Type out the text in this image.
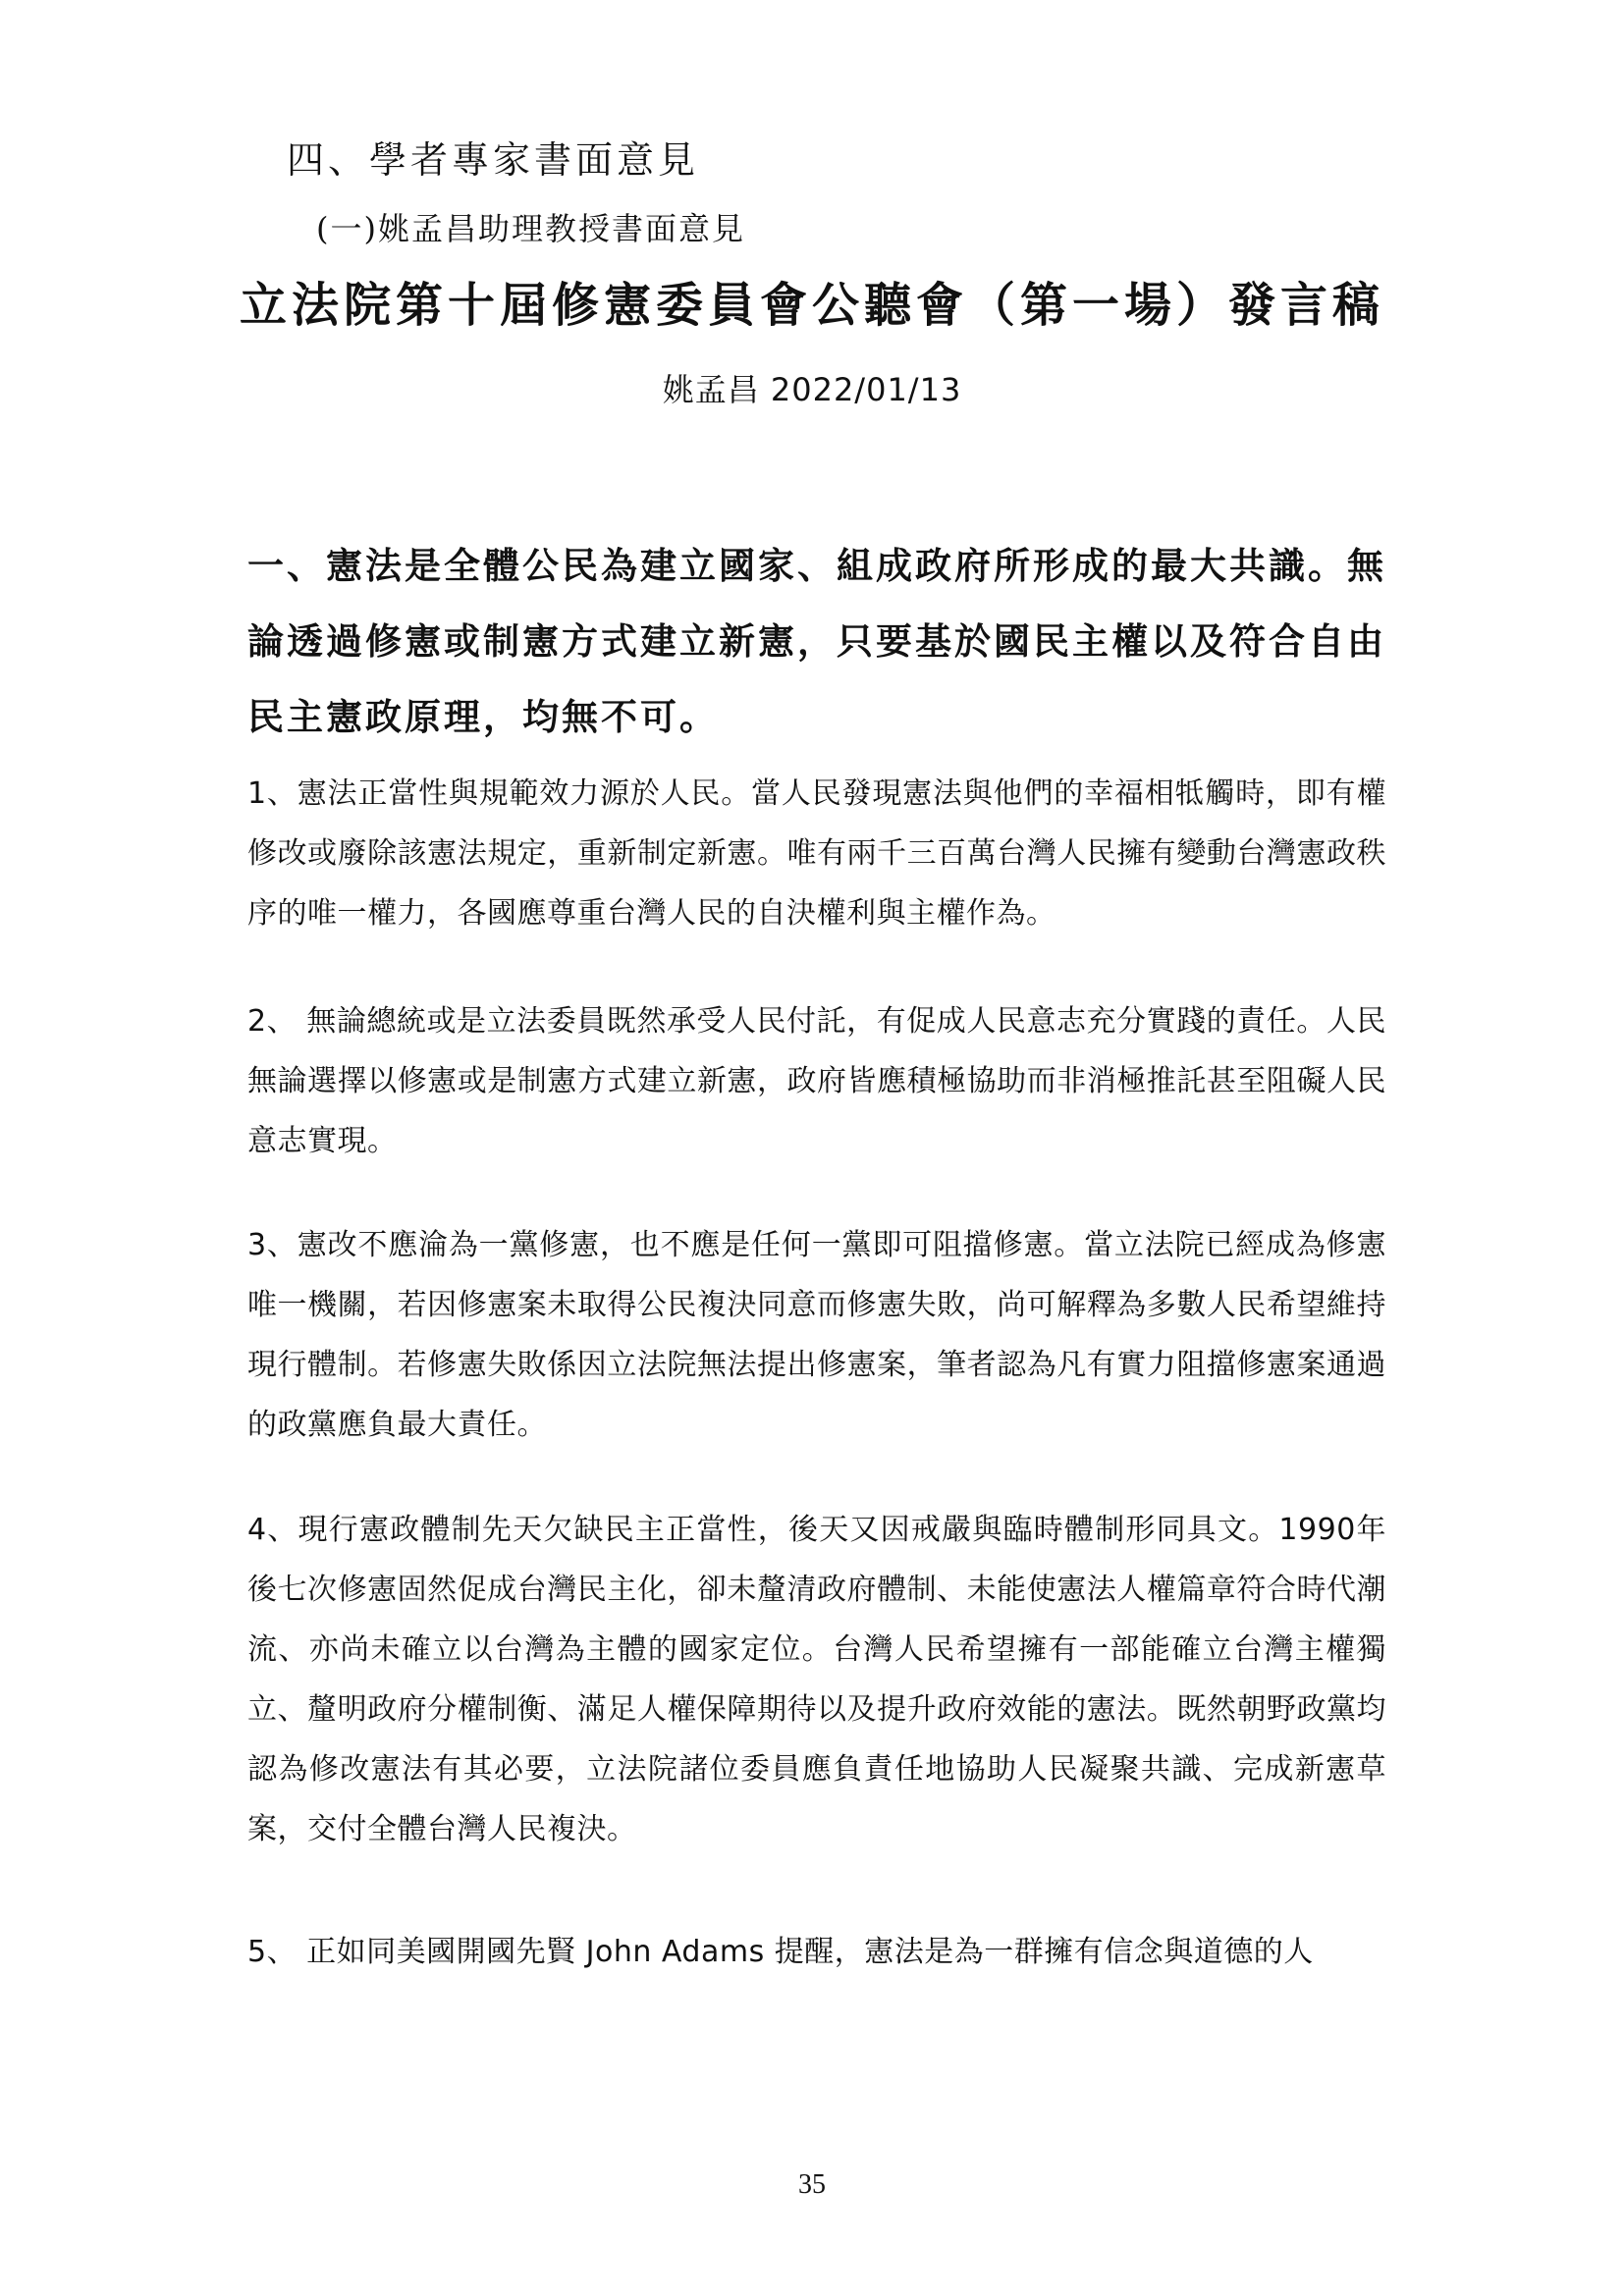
四、學者專家書面意見
(一)姚孟昌助理教授書面意見
立法院第十屆修憲委員會公聽會（第一場）發言稿
姚孟昌 2022/01/13
一、憲法是全體公民為建立國家、組成政府所形成的最大共識。無論透過修憲或制憲方式建立新憲，只要基於國民主權以及符合自由民主憲政原理，均無不可。
1、憲法正當性與規範效力源於人民。當人民發現憲法與他們的幸福相牴觸時，即有權修改或廢除該憲法規定，重新制定新憲。唯有兩千三百萬台灣人民擁有變動台灣憲政秩序的唯一權力，各國應尊重台灣人民的自決權利與主權作為。
2、 無論總統或是立法委員既然承受人民付託，有促成人民意志充分實踐的責任。人民無論選擇以修憲或是制憲方式建立新憲，政府皆應積極協助而非消極推託甚至阻礙人民意志實現。
3、憲改不應淪為一黨修憲，也不應是任何一黨即可阻擋修憲。當立法院已經成為修憲唯一機關，若因修憲案未取得公民複決同意而修憲失敗，尚可解釋為多數人民希望維持現行體制。若修憲失敗係因立法院無法提出修憲案，筆者認為凡有實力阻擋修憲案通過的政黨應負最大責任。
4、現行憲政體制先天欠缺民主正當性，後天又因戒嚴與臨時體制形同具文。1990年後七次修憲固然促成台灣民主化，卻未釐清政府體制、未能使憲法人權篇章符合時代潮流、亦尚未確立以台灣為主體的國家定位。台灣人民希望擁有一部能確立台灣主權獨立、釐明政府分權制衡、滿足人權保障期待以及提升政府效能的憲法。既然朝野政黨均認為修改憲法有其必要，立法院諸位委員應負責任地協助人民凝聚共識、完成新憲草案，交付全體台灣人民複決。
5、 正如同美國開國先賢 John Adams 提醒，憲法是為一群擁有信念與道德的人
35
